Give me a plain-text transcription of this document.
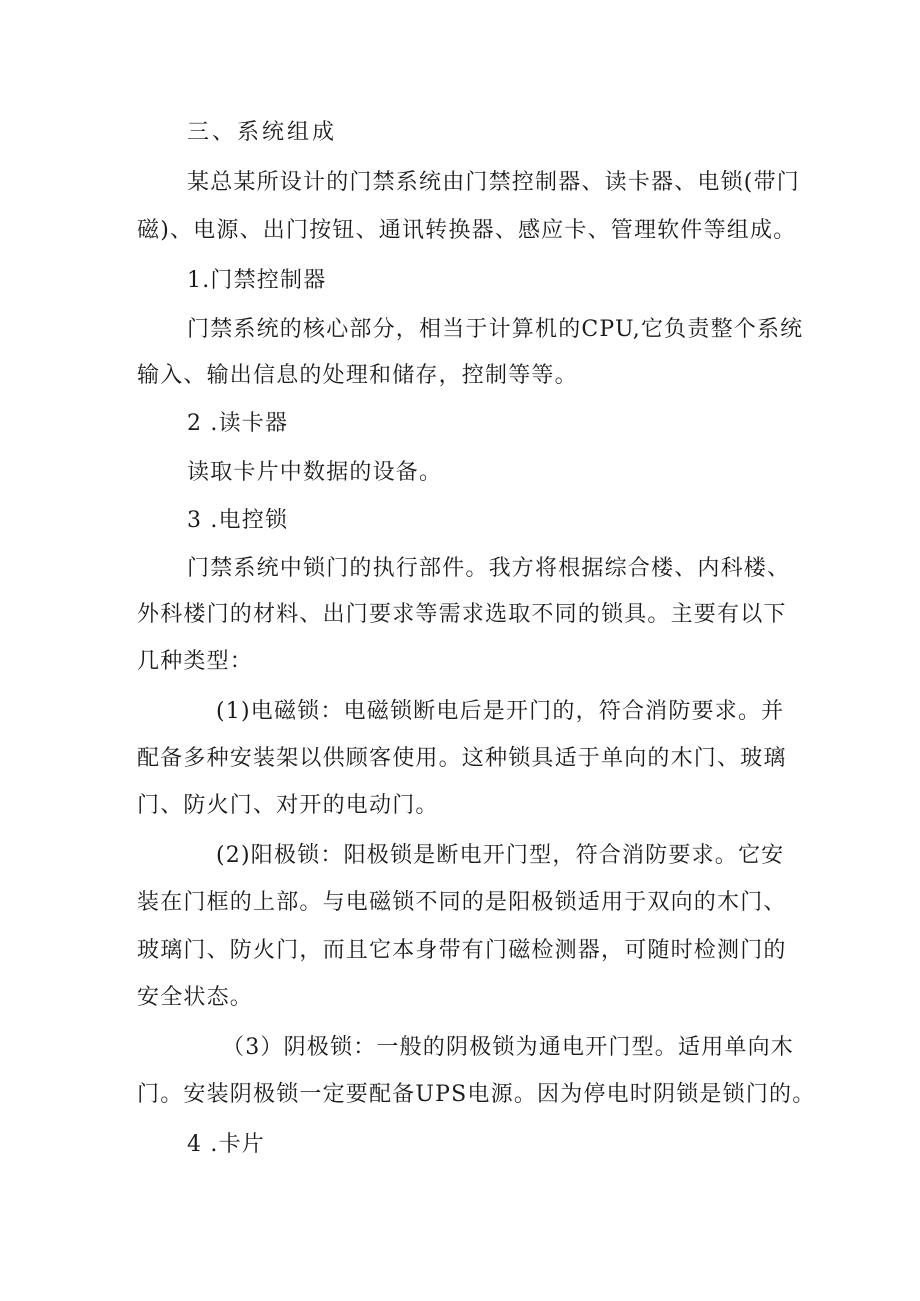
三、系统组成
某总某所设计的门禁系统由门禁控制器、读卡器、电锁(带门
磁)、电源、出门按钮、通讯转换器、感应卡、管理软件等组成。
1.门禁控制器
门禁系统的核心部分，相当于计算机的CPU,它负责整个系统
输入、输出信息的处理和储存，控制等等。
2 .读卡器
读取卡片中数据的设备。
3 .电控锁
门禁系统中锁门的执行部件。我方将根据综合楼、内科楼、
外科楼门的材料、出门要求等需求选取不同的锁具。主要有以下
几种类型：
(1)电磁锁：电磁锁断电后是开门的，符合消防要求。并
配备多种安装架以供顾客使用。这种锁具适于单向的木门、玻璃
门、防火门、对开的电动门。
(2)阳极锁：阳极锁是断电开门型，符合消防要求。它安
装在门框的上部。与电磁锁不同的是阳极锁适用于双向的木门、
玻璃门、防火门，而且它本身带有门磁检测器，可随时检测门的
安全状态。
（3）阴极锁：一般的阴极锁为通电开门型。适用单向木
门。安装阴极锁一定要配备UPS电源。因为停电时阴锁是锁门的。
4 .卡片
